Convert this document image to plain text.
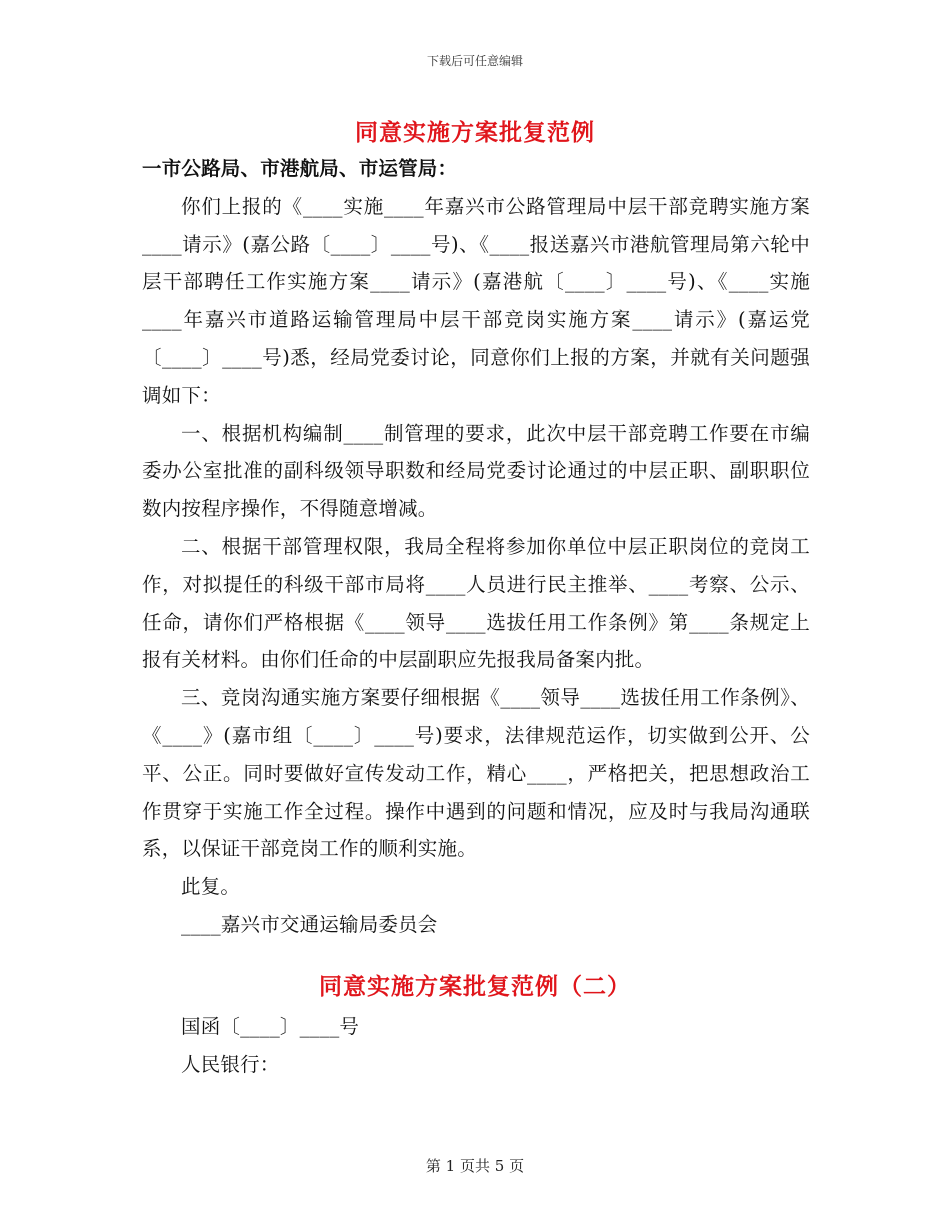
下载后可任意编辑
同意实施方案批复范例

一市公路局、市港航局、市运管局：

你们上报的《____实施____年嘉兴市公路管理局中层干部竞聘实施方案____请示》(嘉公路〔____〕____号)、《____报送嘉兴市港航管理局第六轮中层干部聘任工作实施方案____请示》(嘉港航〔____〕____号)、《____实施____年嘉兴市道路运输管理局中层干部竞岗实施方案____请示》(嘉运党〔____〕____号)悉，经局党委讨论，同意你们上报的方案，并就有关问题强调如下：

一、根据机构编制____制管理的要求，此次中层干部竞聘工作要在市编委办公室批准的副科级领导职数和经局党委讨论通过的中层正职、副职职位数内按程序操作，不得随意增减。

二、根据干部管理权限，我局全程将参加你单位中层正职岗位的竞岗工作，对拟提任的科级干部市局将____人员进行民主推举、____考察、公示、任命，请你们严格根据《____领导____选拔任用工作条例》第____条规定上报有关材料。由你们任命的中层副职应先报我局备案内批。

三、竞岗沟通实施方案要仔细根据《____领导____选拔任用工作条例》、《____》(嘉市组〔____〕____号)要求，法律规范运作，切实做到公开、公平、公正。同时要做好宣传发动工作，精心____，严格把关，把思想政治工作贯穿于实施工作全过程。操作中遇到的问题和情况，应及时与我局沟通联系，以保证干部竞岗工作的顺利实施。

此复。

____嘉兴市交通运输局委员会

同意实施方案批复范例（二）

国函〔____〕____号

人民银行：

第 1 页共 5 页
